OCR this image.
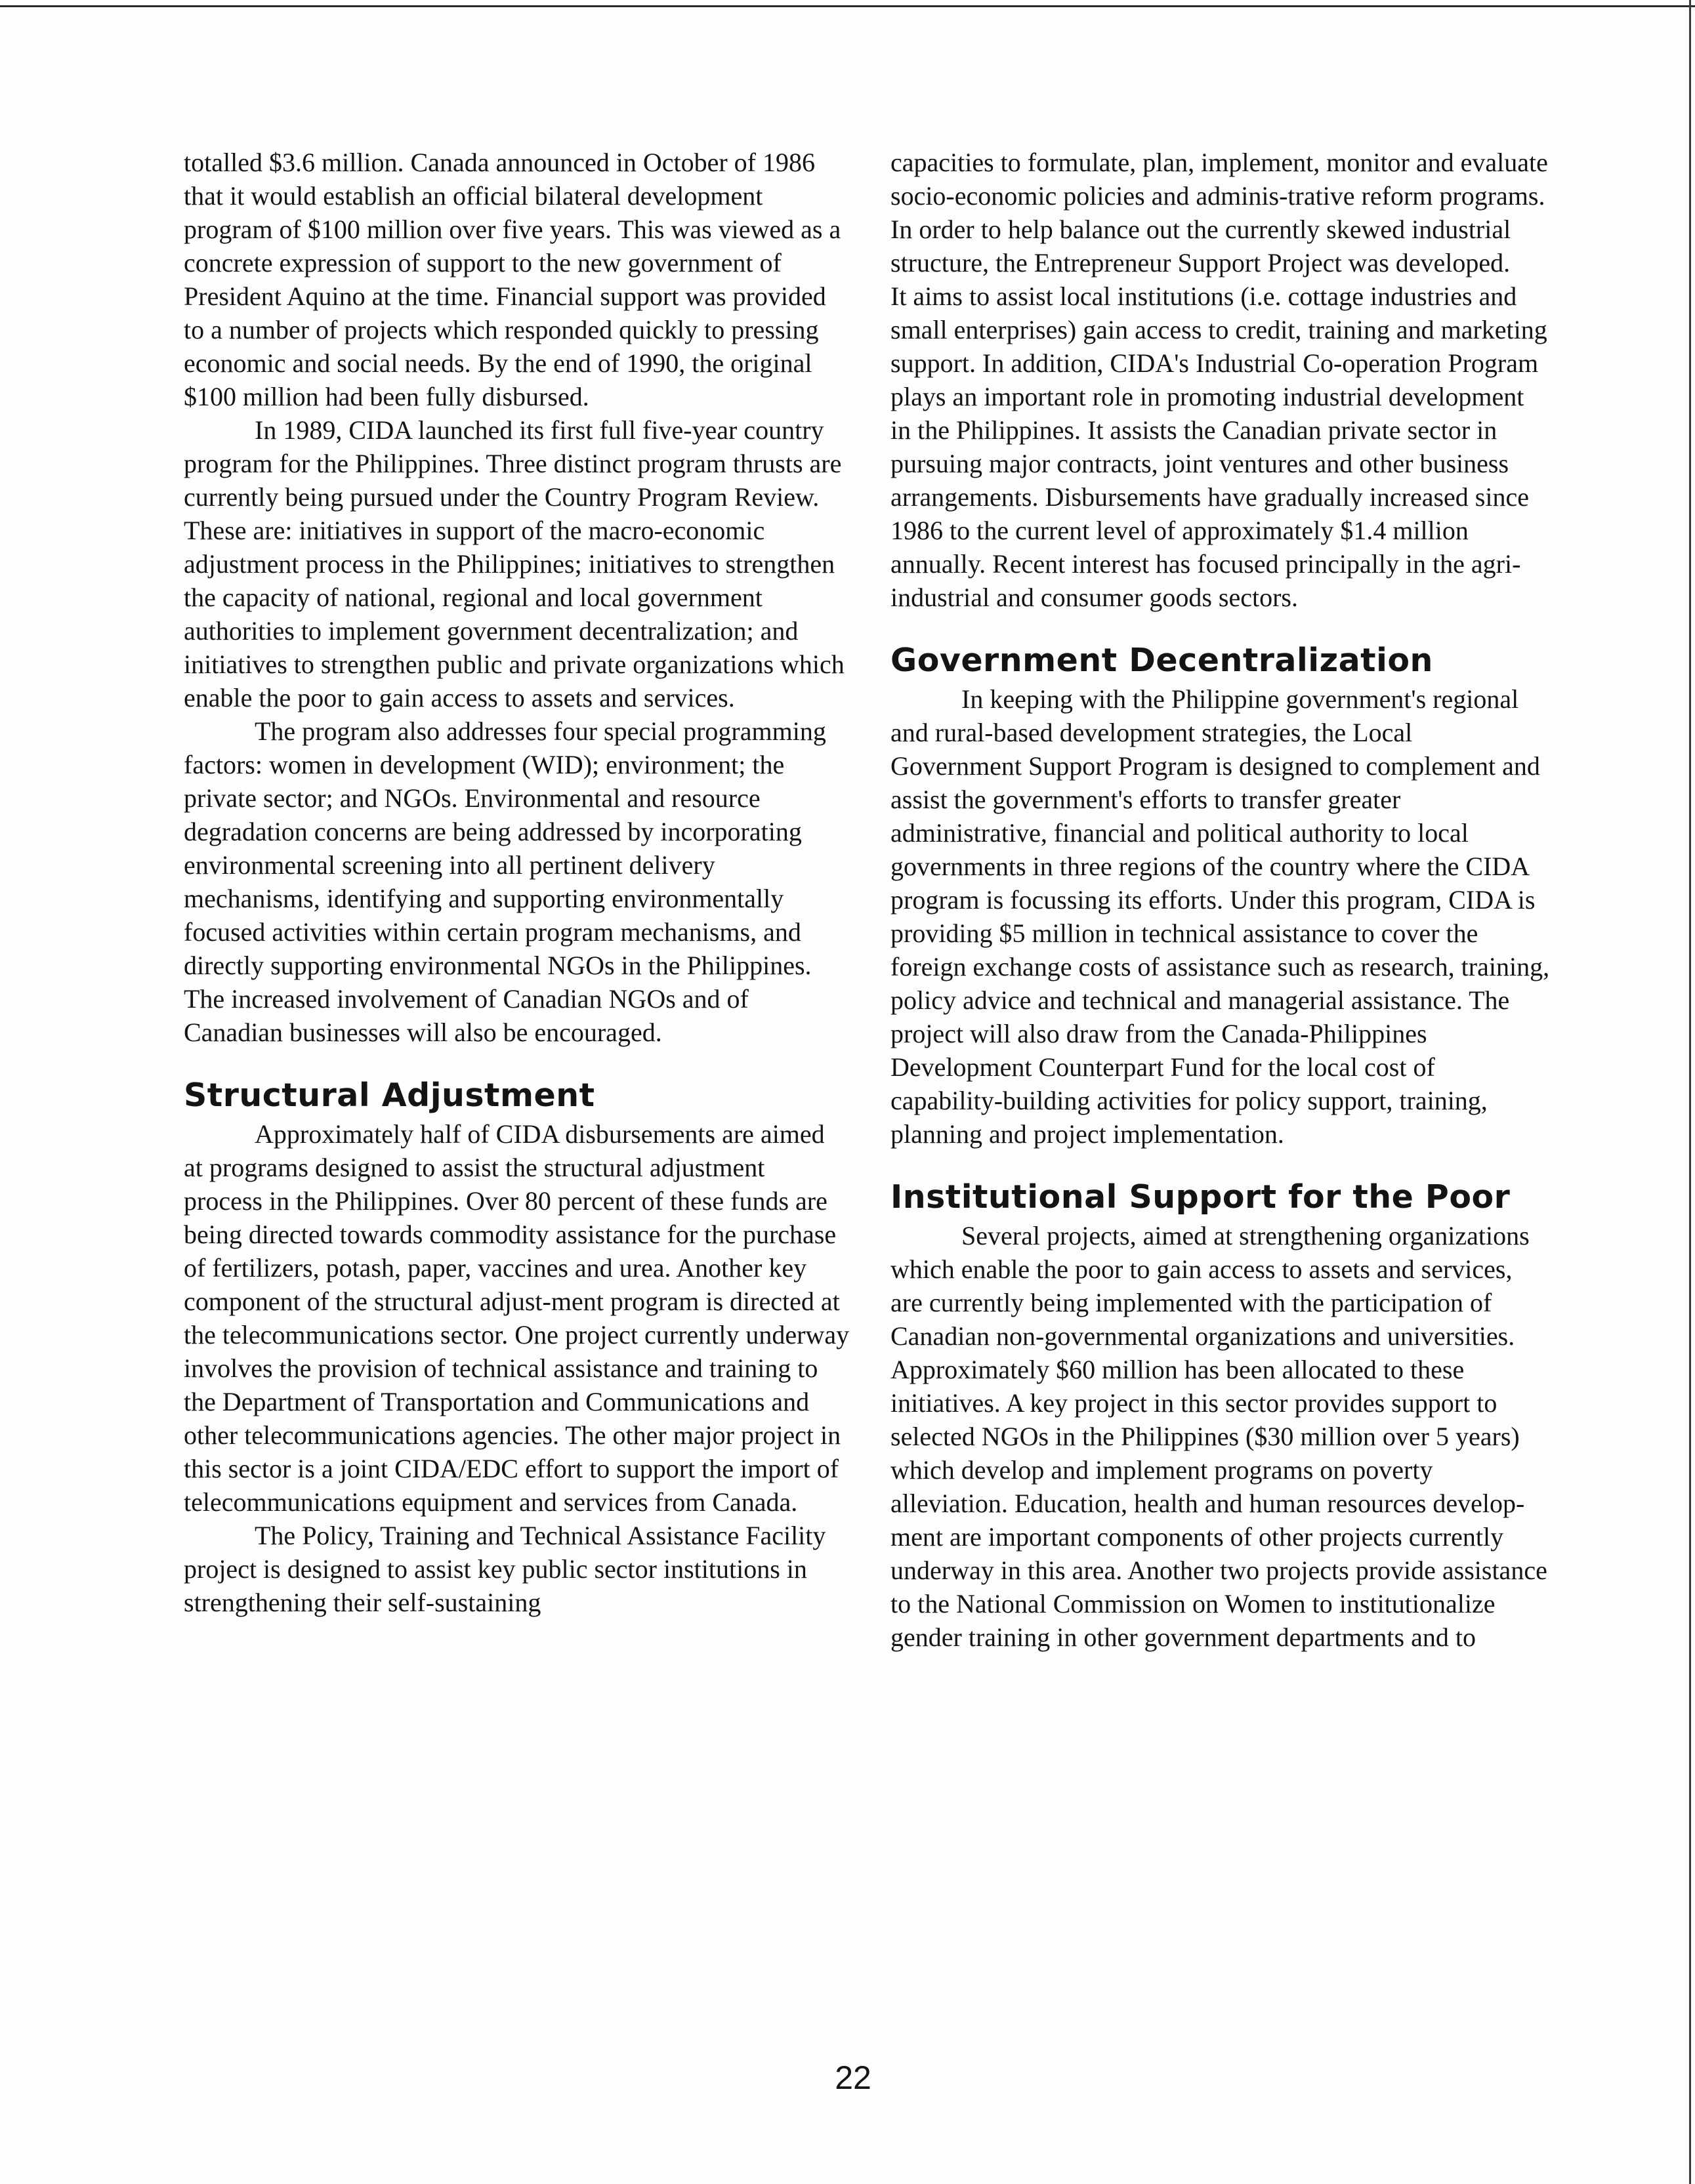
totalled $3.6 million. Canada announced in October of 1986 that it would establish an official bilateral development program of $100 million over five years. This was viewed as a concrete expression of support to the new government of President Aquino at the time. Financial support was provided to a number of projects which responded quickly to pressing economic and social needs. By the end of 1990, the original $100 million had been fully disbursed.

In 1989, CIDA launched its first full five-year country program for the Philippines. Three distinct program thrusts are currently being pursued under the Country Program Review. These are: initiatives in support of the macro-economic adjustment process in the Philippines; initiatives to strengthen the capacity of national, regional and local government authorities to implement government decentralization; and initiatives to strengthen public and private organizations which enable the poor to gain access to assets and services.

The program also addresses four special programming factors: women in development (WID); environment; the private sector; and NGOs. Environmental and resource degradation concerns are being addressed by incorporating environmental screening into all pertinent delivery mechanisms, identifying and supporting environmentally focused activities within certain program mechanisms, and directly supporting environmental NGOs in the Philippines. The increased involvement of Canadian NGOs and of Canadian businesses will also be encouraged.

Structural Adjustment

Approximately half of CIDA disbursements are aimed at programs designed to assist the structural adjustment process in the Philippines. Over 80 percent of these funds are being directed towards commodity assistance for the purchase of fertilizers, potash, paper, vaccines and urea. Another key component of the structural adjust-ment program is directed at the telecommunications sector. One project currently underway involves the provision of technical assistance and training to the Department of Transportation and Communications and other telecommunications agencies. The other major project in this sector is a joint CIDA/EDC effort to support the import of telecommunications equipment and services from Canada.

The Policy, Training and Technical Assistance Facility project is designed to assist key public sector institutions in strengthening their self-sustaining

capacities to formulate, plan, implement, monitor and evaluate socio-economic policies and adminis-trative reform programs. In order to help balance out the currently skewed industrial structure, the Entrepreneur Support Project was developed.

It aims to assist local institutions (i.e. cottage industries and small enterprises) gain access to credit, training and marketing support. In addition, CIDA's Industrial Co-operation Program plays an important role in promoting industrial development in the Philippines. It assists the Canadian private sector in pursuing major contracts, joint ventures and other business arrangements. Disbursements have gradually increased since 1986 to the current level of approximately $1.4 million annually. Recent interest has focused principally in the agri-industrial and consumer goods sectors.

Government Decentralization

In keeping with the Philippine government's regional and rural-based development strategies, the Local Government Support Program is designed to complement and assist the government's efforts to transfer greater administrative, financial and political authority to local governments in three regions of the country where the CIDA program is focussing its efforts. Under this program, CIDA is providing $5 million in technical assistance to cover the foreign exchange costs of assistance such as research, training, policy advice and technical and managerial assistance. The project will also draw from the Canada-Philippines Development Counterpart Fund for the local cost of capability-building activities for policy support, training, planning and project implementation.

Institutional Support for the Poor

Several projects, aimed at strengthening organizations which enable the poor to gain access to assets and services, are currently being implemented with the participation of Canadian non-governmental organizations and universities. Approximately $60 million has been allocated to these initiatives. A key project in this sector provides support to selected NGOs in the Philippines ($30 million over 5 years) which develop and implement programs on poverty alleviation. Education, health and human resources develop-ment are important components of other projects currently underway in this area. Another two projects provide assistance to the National Commission on Women to institutionalize gender training in other government departments and to

22
